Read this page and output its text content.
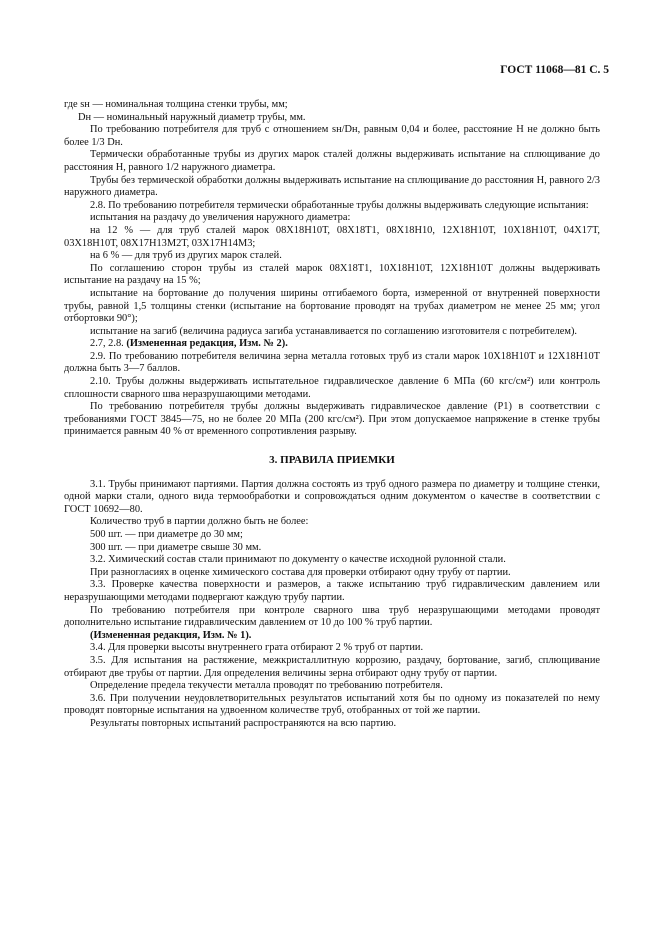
ГОСТ 11068—81 С. 5

где sн — номинальная толщина стенки трубы, мм;

Dн — номинальный наружный диаметр трубы, мм.

По требованию потребителя для труб с отношением sн/Dн, равным 0,04 и более, расстояние H не должно быть более 1/3 Dн.

Термически обработанные трубы из других марок сталей должны выдерживать испытание на сплющивание до расстояния H, равного 1/2 наружного диаметра.

Трубы без термической обработки должны выдерживать испытание на сплющивание до расстояния H, равного 2/3 наружного диаметра.

2.8. По требованию потребителя термически обработанные трубы должны выдерживать следующие испытания:

испытания на раздачу до увеличения наружного диаметра:

на 12 % — для труб сталей марок 08Х18Н10Т, 08Х18Т1, 08Х18Н10, 12Х18Н10Т, 10Х18Н10Т, 04Х17Т, 03Х18Н10Т, 08Х17Н13М2Т, 03Х17Н14М3;

на 6 % — для труб из других марок сталей.

По соглашению сторон трубы из сталей марок 08Х18Т1, 10Х18Н10Т, 12Х18Н10Т должны выдерживать испытание на раздачу на 15 %;

испытание на бортование до получения ширины отгибаемого борта, измеренной от внутренней поверхности трубы, равной 1,5 толщины стенки (испытание на бортование проводят на трубах диаметром не менее 25 мм; угол отбортовки 90°);

испытание на загиб (величина радиуса загиба устанавливается по соглашению изготовителя с потребителем).

2.7, 2.8. (Измененная редакция, Изм. № 2).

2.9. По требованию потребителя величина зерна металла готовых труб из стали марок 10Х18Н10Т и 12Х18Н10Т должна быть 3—7 баллов.

2.10. Трубы должны выдерживать испытательное гидравлическое давление 6 МПа (60 кгс/см²) или контроль сплошности сварного шва неразрушающими методами.

По требованию потребителя трубы должны выдерживать гидравлическое давление (P1) в соответствии с требованиями ГОСТ 3845—75, но не более 20 МПа (200 кгс/см²). При этом допускаемое напряжение в стенке трубы принимается равным 40 % от временного сопротивления разрыву.

3. ПРАВИЛА ПРИЕМКИ

3.1. Трубы принимают партиями. Партия должна состоять из труб одного размера по диаметру и толщине стенки, одной марки стали, одного вида термообработки и сопровождаться одним документом о качестве в соответствии с ГОСТ 10692—80.

Количество труб в партии должно быть не более:

500 шт. — при диаметре до 30 мм;

300 шт. — при диаметре свыше 30 мм.

3.2. Химический состав стали принимают по документу о качестве исходной рулонной стали.

При разногласиях в оценке химического состава для проверки отбирают одну трубу от партии.

3.3. Проверке качества поверхности и размеров, а также испытанию труб гидравлическим давлением или неразрушающими методами подвергают каждую трубу партии.

По требованию потребителя при контроле сварного шва труб неразрушающими методами проводят дополнительно испытание гидравлическим давлением от 10 до 100 % труб партии.

(Измененная редакция, Изм. № 1).

3.4. Для проверки высоты внутреннего грата отбирают 2 % труб от партии.

3.5. Для испытания на растяжение, межкристаллитную коррозию, раздачу, бортование, загиб, сплющивание отбирают две трубы от партии. Для определения величины зерна отбирают одну трубу от партии.

Определение предела текучести металла проводят по требованию потребителя.

3.6. При получении неудовлетворительных результатов испытаний хотя бы по одному из показателей по нему проводят повторные испытания на удвоенном количестве труб, отобранных от той же партии.

Результаты повторных испытаний распространяются на всю партию.
